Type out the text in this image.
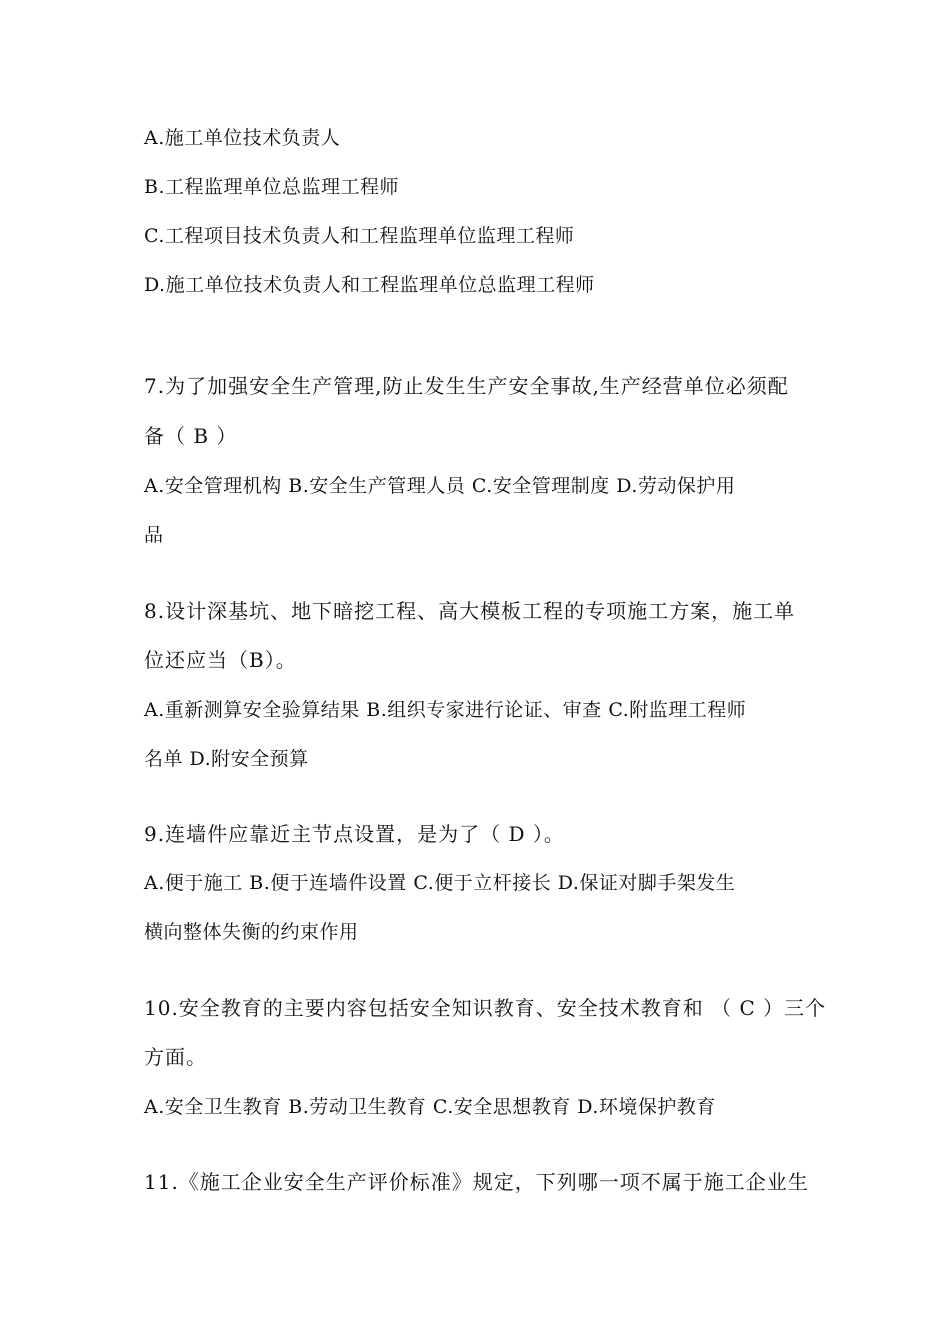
A.施工单位技术负责人
B.工程监理单位总监理工程师
C.工程项目技术负责人和工程监理单位监理工程师
D.施工单位技术负责人和工程监理单位总监理工程师
7.为了加强安全生产管理,防止发生生产安全事故,生产经营单位必须配
备（ B ）
A.安全管理机构 B.安全生产管理人员 C.安全管理制度 D.劳动保护用
品
8.设计深基坑、地下暗挖工程、高大模板工程的专项施工方案，施工单
位还应当（B）。
A.重新测算安全验算结果 B.组织专家进行论证、审查 C.附监理工程师
名单 D.附安全预算
9.连墙件应靠近主节点设置，是为了（ D ）。
A.便于施工 B.便于连墙件设置 C.便于立杆接长 D.保证对脚手架发生
横向整体失衡的约束作用
10.安全教育的主要内容包括安全知识教育、安全技术教育和 （ C ）三个
方面。
A.安全卫生教育 B.劳动卫生教育 C.安全思想教育 D.环境保护教育
11.《施工企业安全生产评价标准》规定，下列哪一项不属于施工企业生
